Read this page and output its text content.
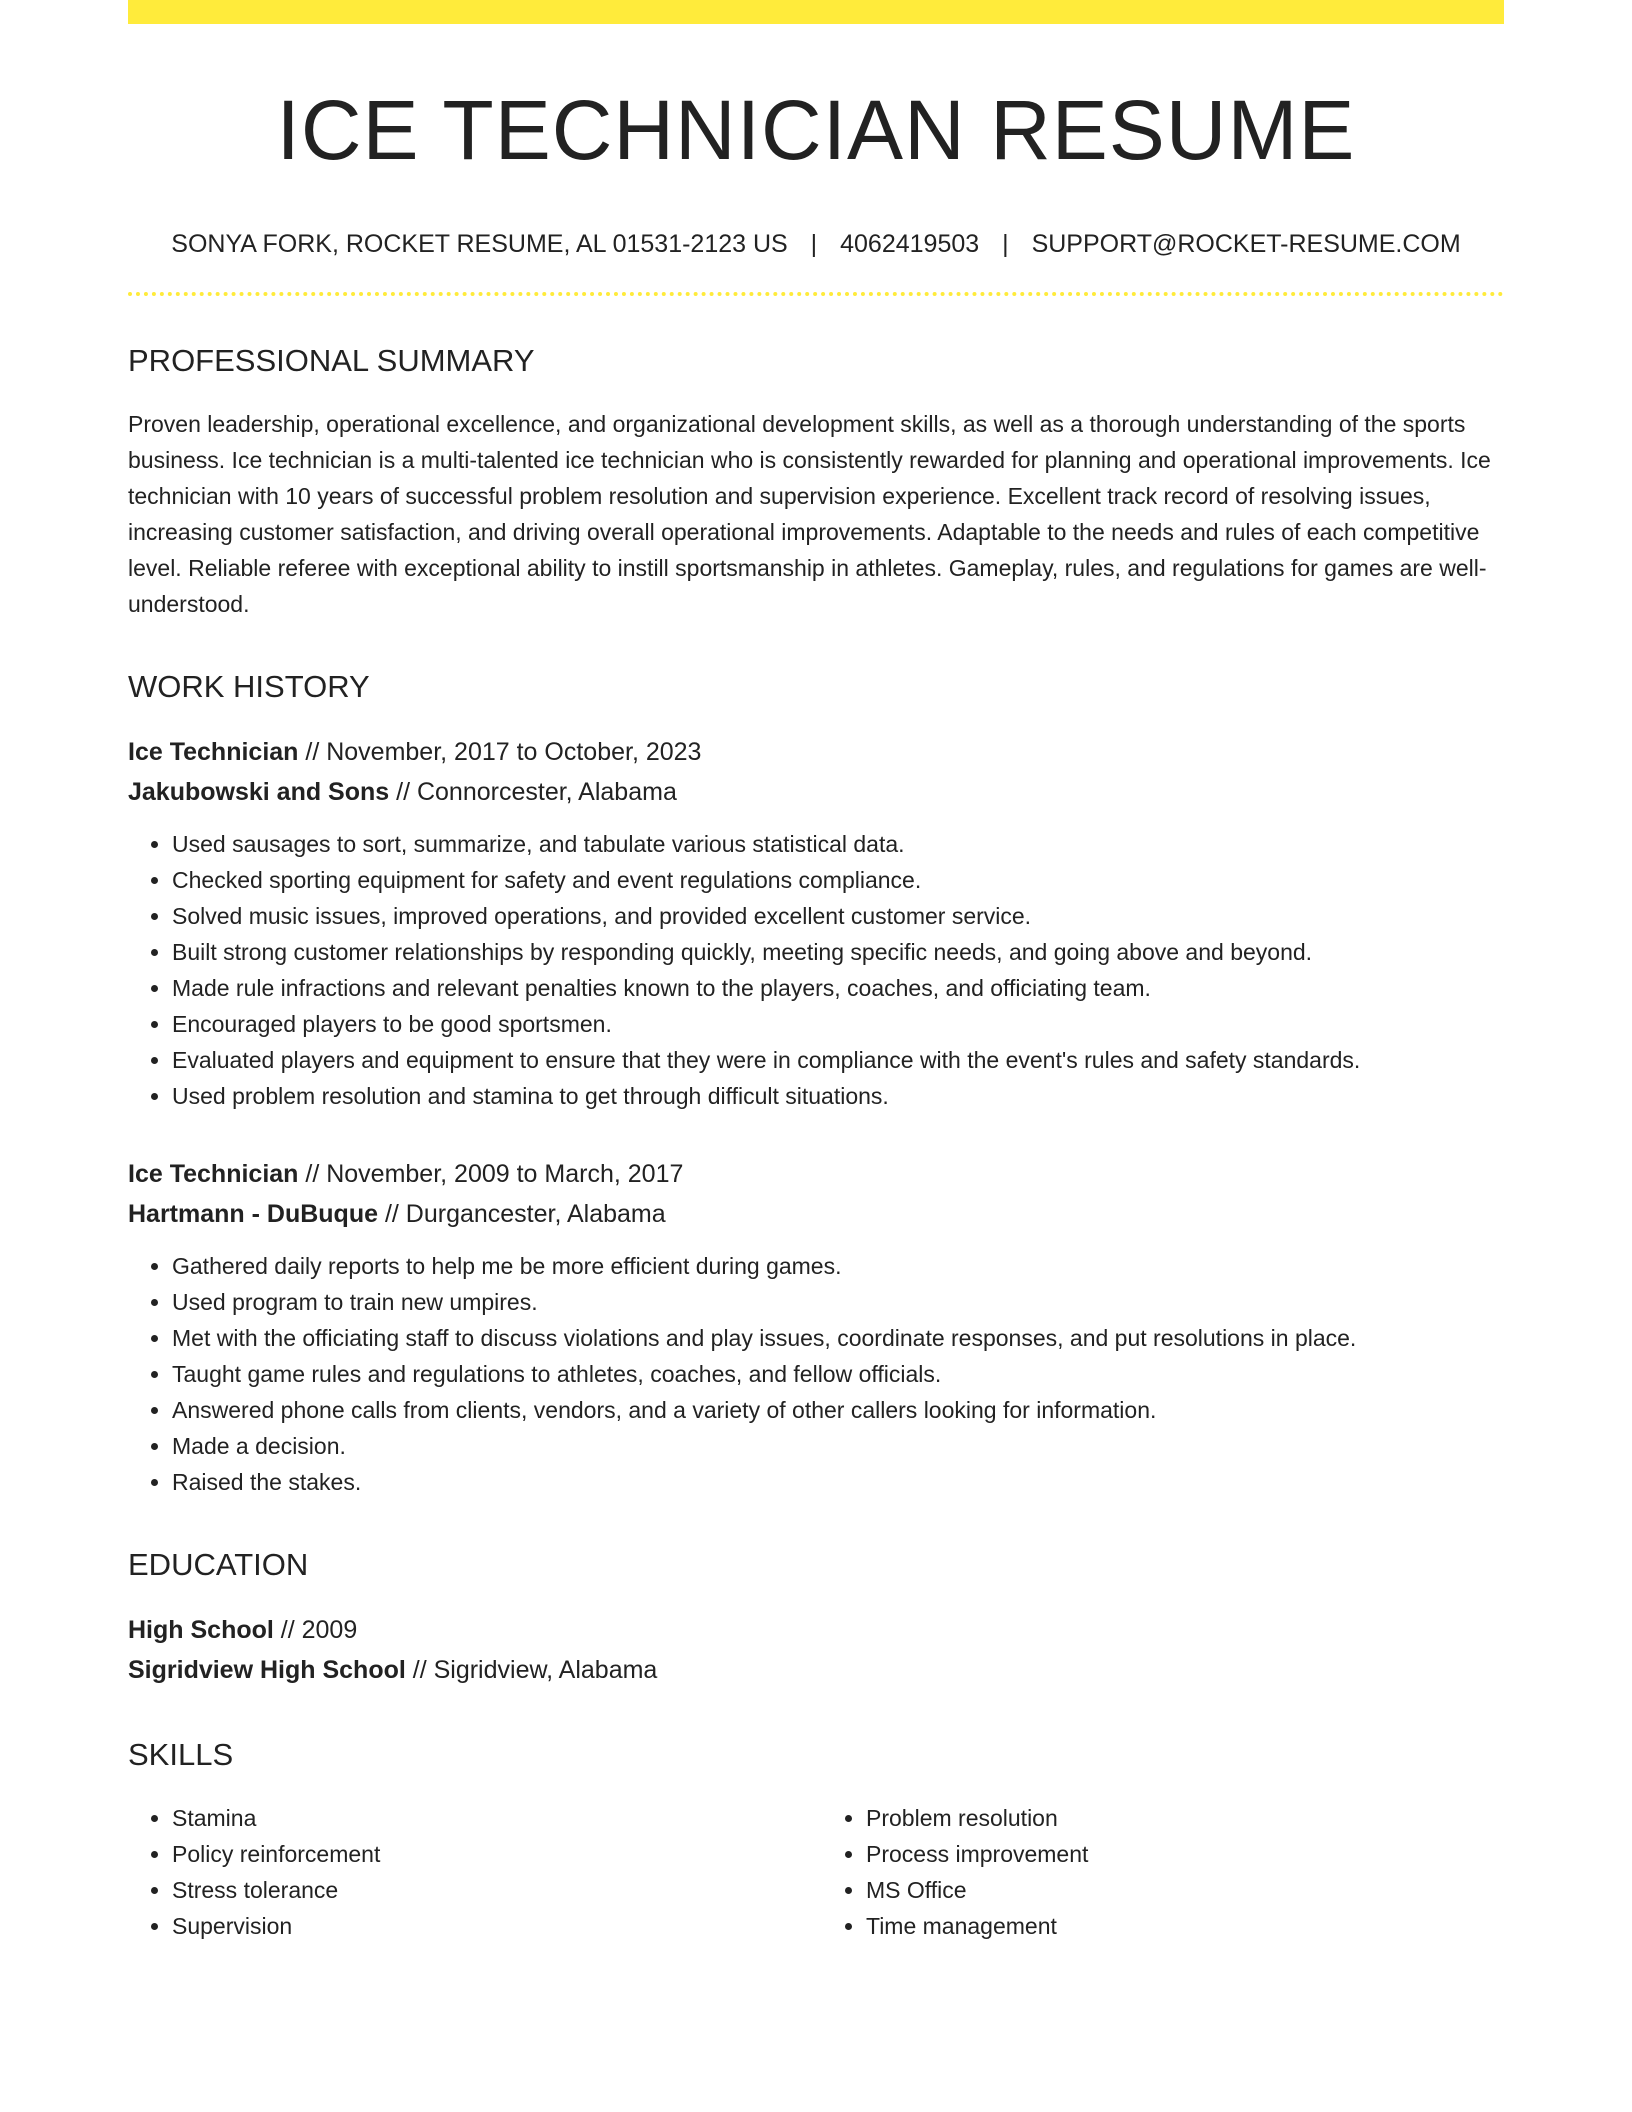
ICE TECHNICIAN RESUME
SONYA FORK, ROCKET RESUME, AL 01531-2123 US | 4062419503 | SUPPORT@ROCKET-RESUME.COM
PROFESSIONAL SUMMARY
Proven leadership, operational excellence, and organizational development skills, as well as a thorough understanding of the sports business. Ice technician is a multi-talented ice technician who is consistently rewarded for planning and operational improvements. Ice technician with 10 years of successful problem resolution and supervision experience. Excellent track record of resolving issues, increasing customer satisfaction, and driving overall operational improvements. Adaptable to the needs and rules of each competitive level. Reliable referee with exceptional ability to instill sportsmanship in athletes. Gameplay, rules, and regulations for games are well-understood.
WORK HISTORY
Ice Technician // November, 2017 to October, 2023
Jakubowski and Sons // Connorcester, Alabama
• Used sausages to sort, summarize, and tabulate various statistical data.
• Checked sporting equipment for safety and event regulations compliance.
• Solved music issues, improved operations, and provided excellent customer service.
• Built strong customer relationships by responding quickly, meeting specific needs, and going above and beyond.
• Made rule infractions and relevant penalties known to the players, coaches, and officiating team.
• Encouraged players to be good sportsmen.
• Evaluated players and equipment to ensure that they were in compliance with the event's rules and safety standards.
• Used problem resolution and stamina to get through difficult situations.
Ice Technician // November, 2009 to March, 2017
Hartmann - DuBuque // Durgancester, Alabama
• Gathered daily reports to help me be more efficient during games.
• Used program to train new umpires.
• Met with the officiating staff to discuss violations and play issues, coordinate responses, and put resolutions in place.
• Taught game rules and regulations to athletes, coaches, and fellow officials.
• Answered phone calls from clients, vendors, and a variety of other callers looking for information.
• Made a decision.
• Raised the stakes.
EDUCATION
High School // 2009
Sigridview High School // Sigridview, Alabama
SKILLS
• Stamina
• Policy reinforcement
• Stress tolerance
• Supervision
• Problem resolution
• Process improvement
• MS Office
• Time management
